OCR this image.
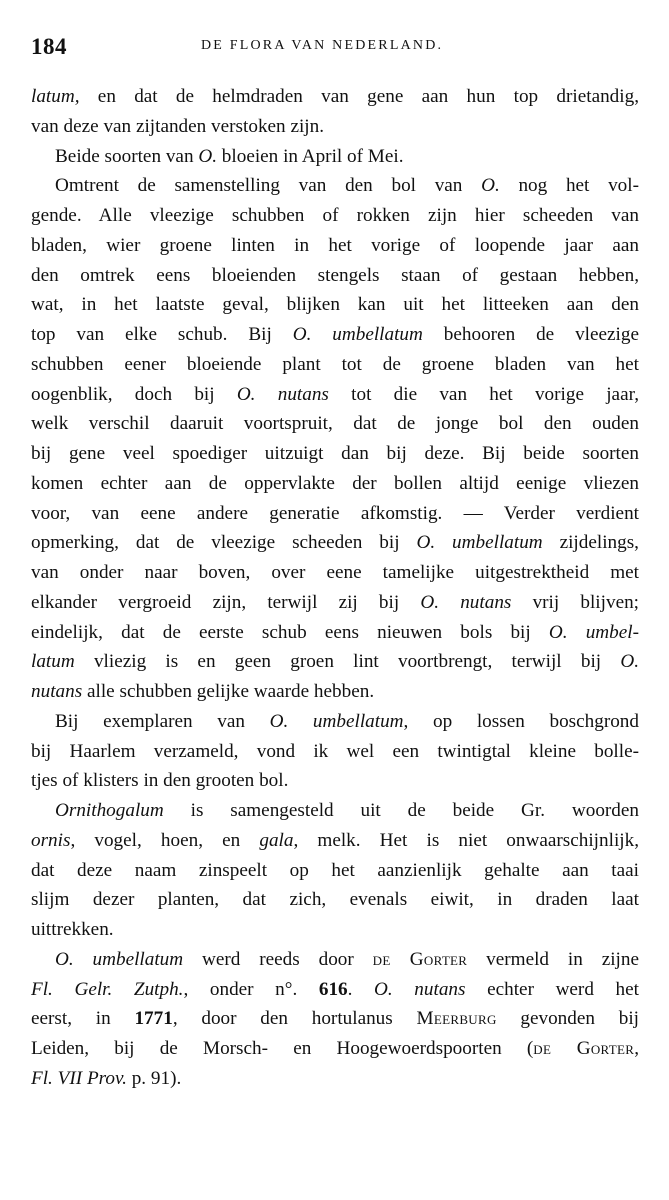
184	DE FLORA VAN NEDERLAND.
latum, en dat de helmdraden van gene aan hun top drietandig,
van deze van zijtanden verstoken zijn.
Beide soorten van O. bloeien in April of Mei.
Omtrent de samenstelling van den bol van O. nog het vol-
gende. Alle vleezige schubben of rokken zijn hier scheeden van
bladen, wier groene linten in het vorige of loopende jaar aan
den omtrek eens bloeienden stengels staan of gestaan hebben,
wat, in het laatste geval, blijken kan uit het litteeken aan den
top van elke schub. Bij O. umbellatum behooren de vleezige
schubben eener bloeiende plant tot de groene bladen van het
oogenblik, doch bij O. nutans tot die van het vorige jaar,
welk verschil daaruit voortspruit, dat de jonge bol den ouden
bij gene veel spoediger uitzuigt dan bij deze. Bij beide soorten
komen echter aan de oppervlakte der bollen altijd eenige vliezen
voor, van eene andere generatie afkomstig. — Verder verdient
opmerking, dat de vleezige scheeden bij O. umbellatum zijdelings,
van onder naar boven, over eene tamelijke uitgestrektheid met
elkander vergroeid zijn, terwijl zij bij O. nutans vrij blijven;
eindelijk, dat de eerste schub eens nieuwen bols bij O. umbel-
latum vliezig is en geen groen lint voortbrengt, terwijl bij O.
nutans alle schubben gelijke waarde hebben.
Bij exemplaren van O. umbellatum, op lossen boschgrond
bij Haarlem verzameld, vond ik wel een twintigtal kleine bolle-
tjes of klisters in den grooten bol.
Ornithogalum is samengesteld uit de beide Gr. woorden
ornis, vogel, hoen, en gala, melk. Het is niet onwaarschijnlijk,
dat deze naam zinspeelt op het aanzienlijk gehalte aan taai
slijm dezer planten, dat zich, evenals eiwit, in draden laat
uittrekken.
O. umbellatum werd reeds door de Gorter vermeld in zijne
Fl. Gelr. Zutph., onder n°. 616. O. nutans echter werd het
eerst, in 1771, door den hortulanus Meerburg gevonden bij
Leiden, bij de Morsch- en Hoogewoerdspoorten (de Gorter,
Fl. VII Prov. p. 91).
